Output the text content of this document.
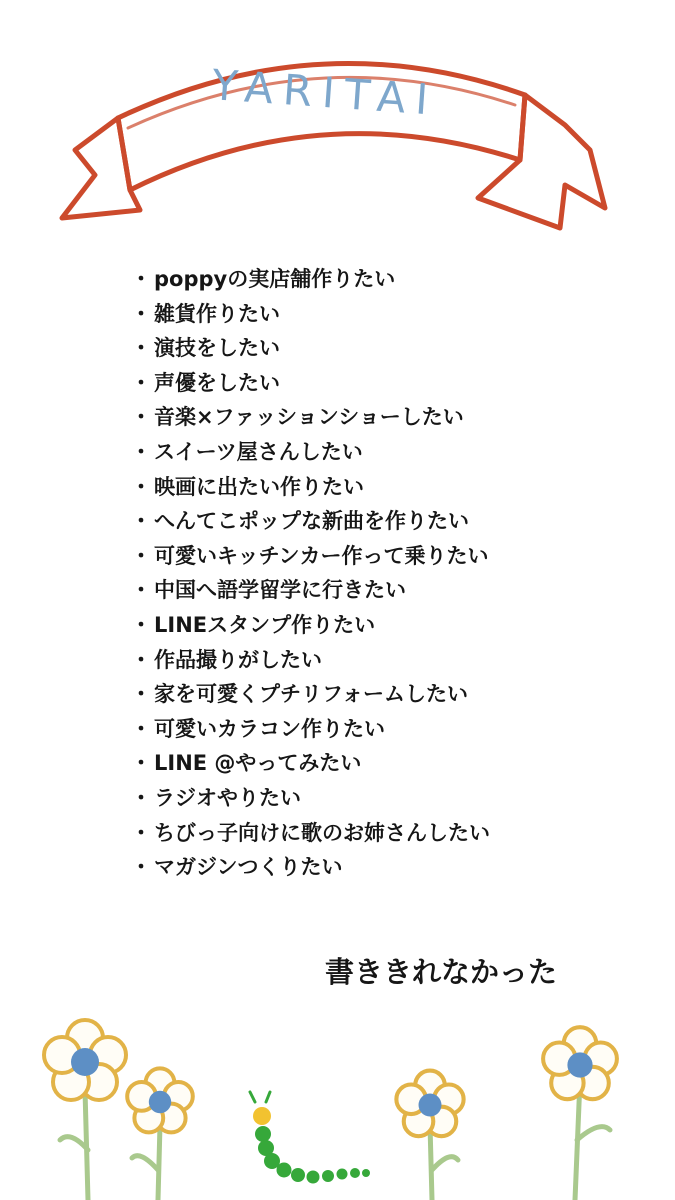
YARITAI
・ poppyの実店舗作りたい
・ 雑貨作りたい
・ 演技をしたい
・ 声優をしたい
・ 音楽×ファッションショーしたい
・ スイーツ屋さんしたい
・ 映画に出たい作りたい
・ へんてこポップな新曲を作りたい
・ 可愛いキッチンカー作って乗りたい
・ 中国へ語学留学に行きたい
・ LINEスタンプ作りたい
・ 作品撮りがしたい
・ 家を可愛くプチリフォームしたい
・ 可愛いカラコン作りたい
・ LINE @やってみたい
・ ラジオやりたい
・ ちびっ子向けに歌のお姉さんしたい
・ マガジンつくりたい
書ききれなかった
